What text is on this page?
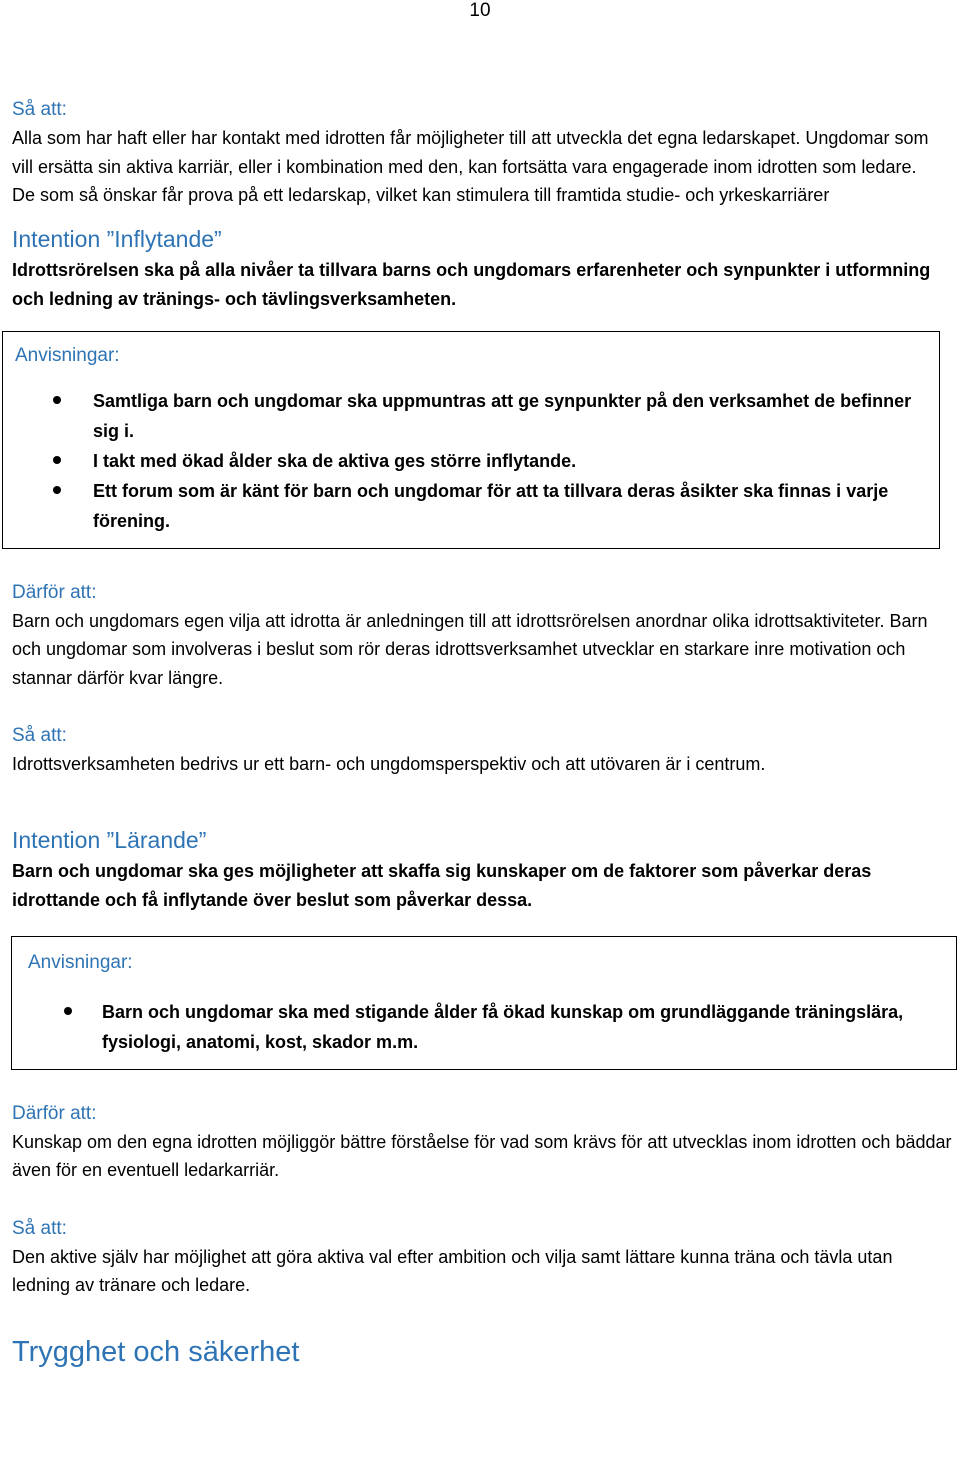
10
Så att:
Alla som har haft eller har kontakt med idrotten får möjligheter till att utveckla det egna ledarskapet. Ungdomar som vill ersätta sin aktiva karriär, eller i kombination med den, kan fortsätta vara engagerade inom idrotten som ledare.
De som så önskar får prova på ett ledarskap, vilket kan stimulera till framtida studie- och yrkeskarriärer
Intention ”Inflytande”
Idrottsrörelsen ska på alla nivåer ta tillvara barns och ungdomars erfarenheter och synpunkter i utformning och ledning av tränings- och tävlingsverksamheten.
Anvisningar:
Samtliga barn och ungdomar ska uppmuntras att ge synpunkter på den verksamhet de befinner sig i.
I takt med ökad ålder ska de aktiva ges större inflytande.
Ett forum som är känt för barn och ungdomar för att ta tillvara deras åsikter ska finnas i varje förening.
Därför att:
Barn och ungdomars egen vilja att idrotta är anledningen till att idrottsrörelsen anordnar olika idrottsaktiviteter. Barn och ungdomar som involveras i beslut som rör deras idrottsverksamhet utvecklar en starkare inre motivation och stannar därför kvar längre.
Så att:
Idrottsverksamheten bedrivs ur ett barn- och ungdomsperspektiv och att utövaren är i centrum.
Intention ”Lärande”
Barn och ungdomar ska ges möjligheter att skaffa sig kunskaper om de faktorer som påverkar deras idrottande och få inflytande över beslut som påverkar dessa.
Anvisningar:
Barn och ungdomar ska med stigande ålder få ökad kunskap om grundläggande träningslära, fysiologi, anatomi, kost, skador m.m.
Därför att:
Kunskap om den egna idrotten möjliggör bättre förståelse för vad som krävs för att utvecklas inom idrotten och bäddar även för en eventuell ledarkarriär.
Så att:
Den aktive själv har möjlighet att göra aktiva val efter ambition och vilja samt lättare kunna träna och tävla utan ledning av tränare och ledare.
Trygghet och säkerhet
